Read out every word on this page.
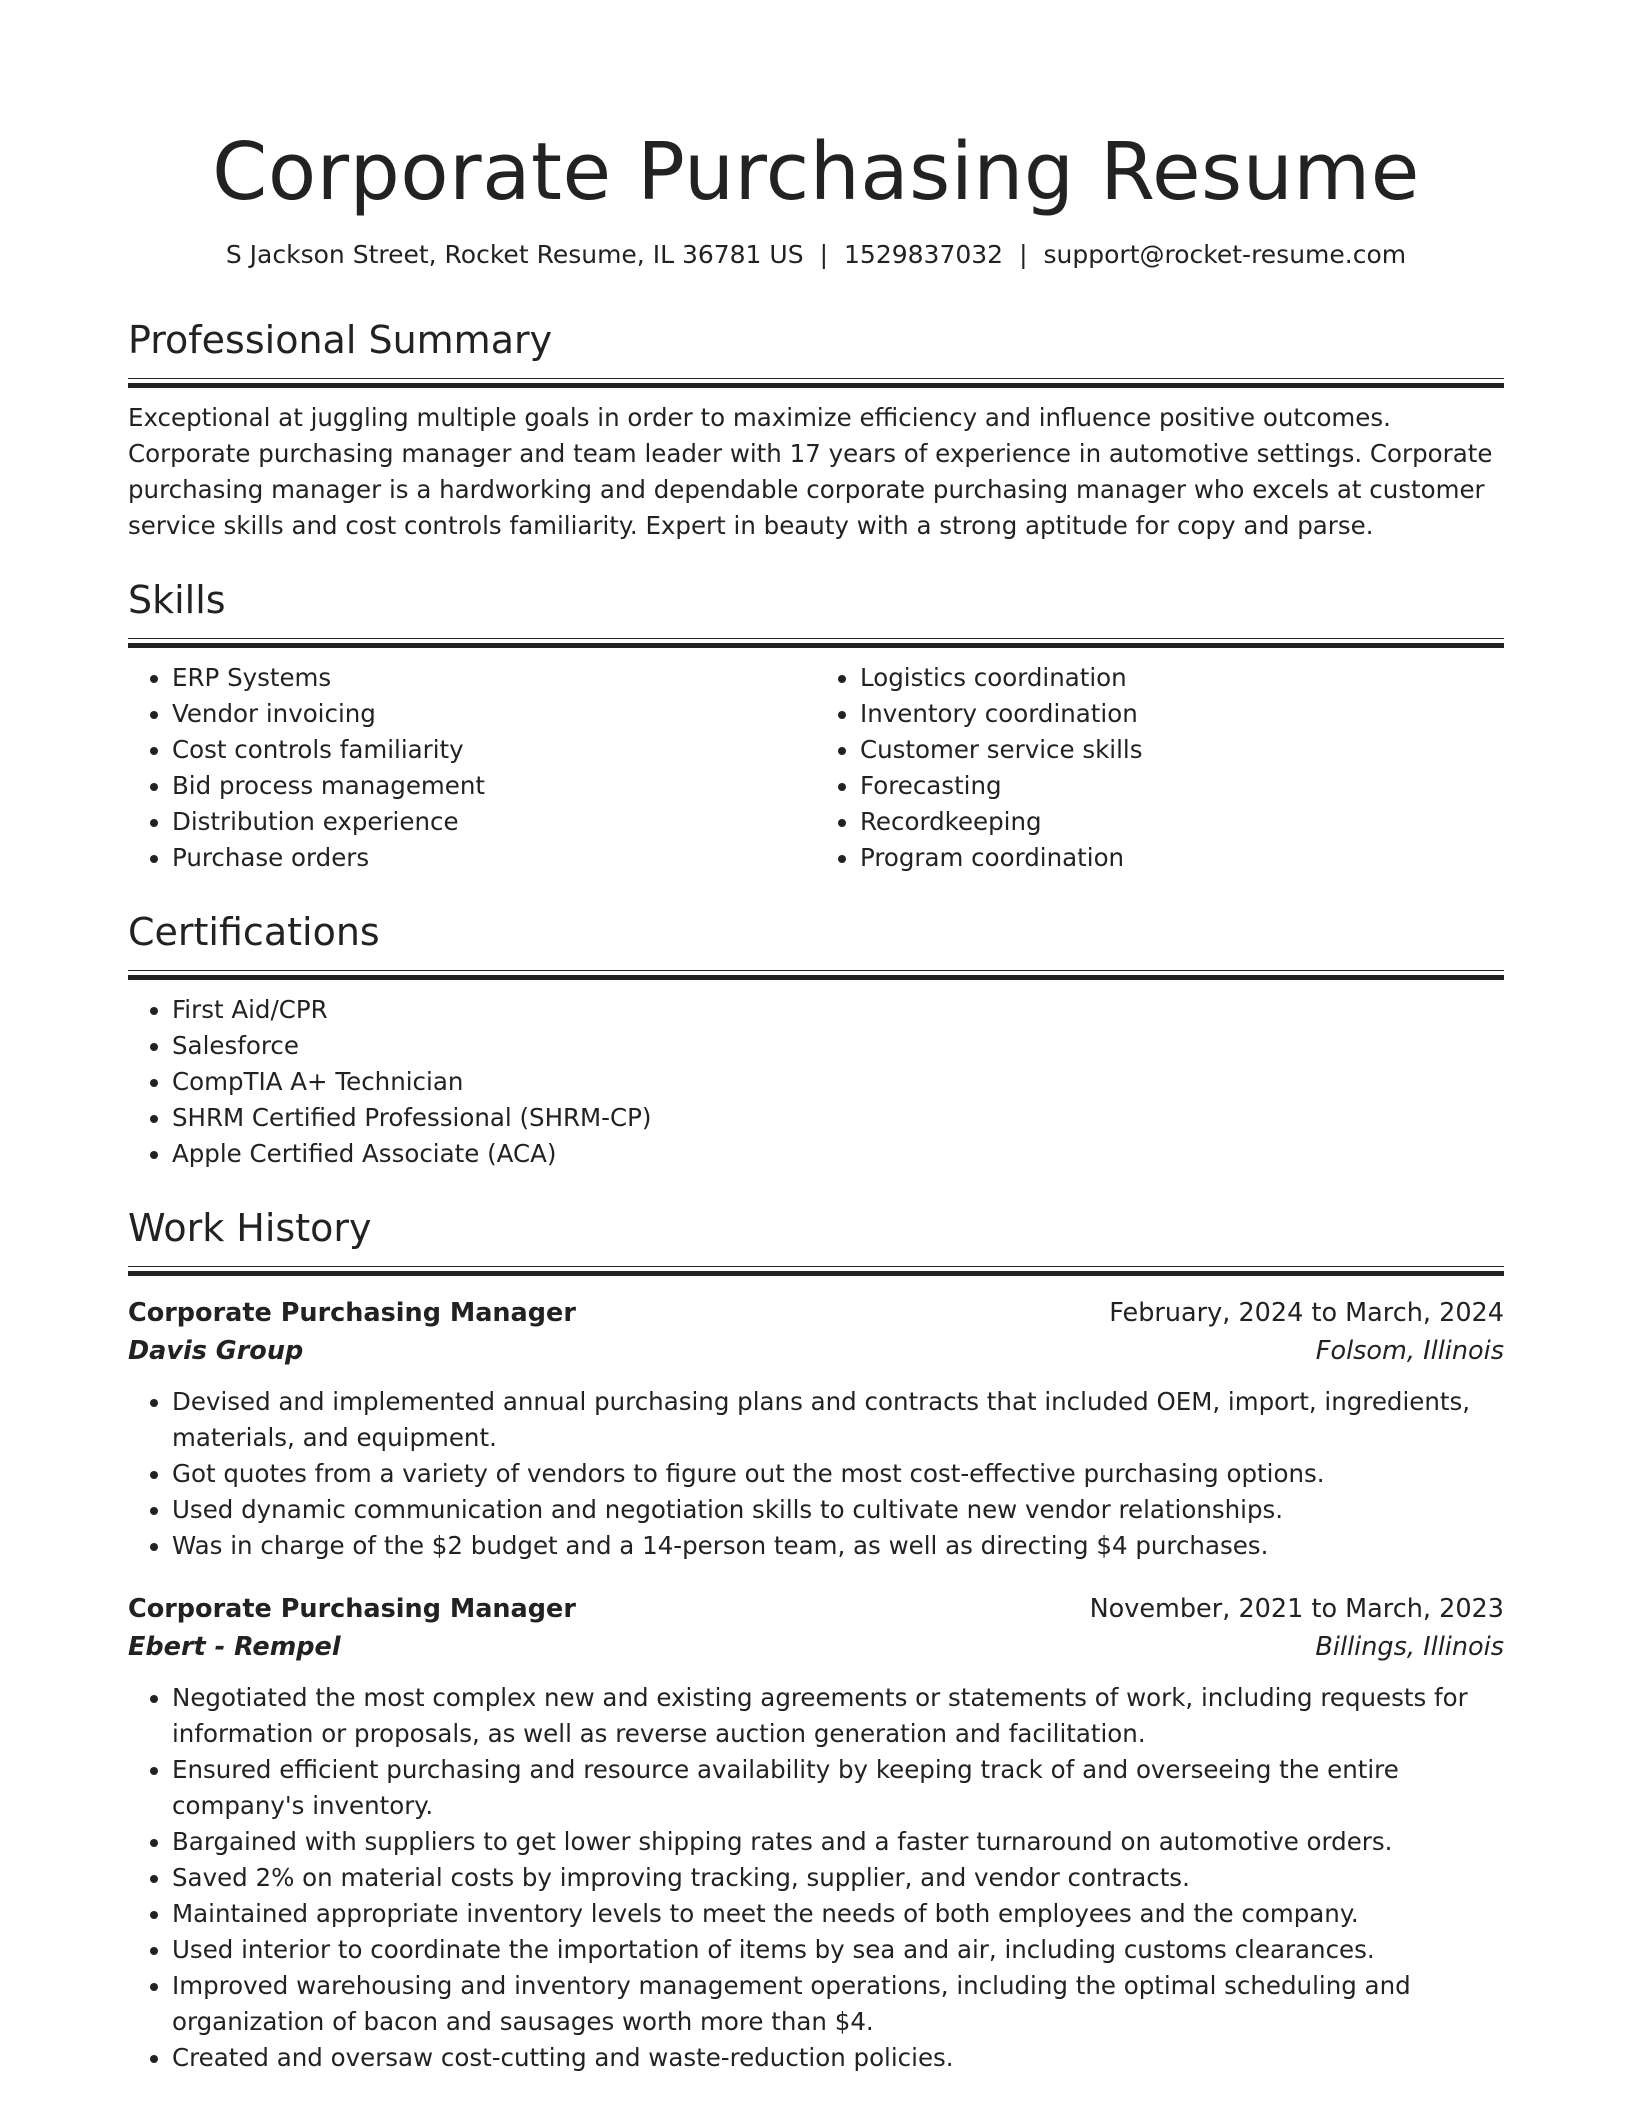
Corporate Purchasing Resume
S Jackson Street, Rocket Resume, IL 36781 US | 1529837032 | support@rocket-resume.com
Professional Summary
Exceptional at juggling multiple goals in order to maximize efficiency and influence positive outcomes. Corporate purchasing manager and team leader with 17 years of experience in automotive settings. Corporate purchasing manager is a hardworking and dependable corporate purchasing manager who excels at customer service skills and cost controls familiarity. Expert in beauty with a strong aptitude for copy and parse.
Skills
• ERP Systems
• Vendor invoicing
• Cost controls familiarity
• Bid process management
• Distribution experience
• Purchase orders
• Logistics coordination
• Inventory coordination
• Customer service skills
• Forecasting
• Recordkeeping
• Program coordination
Certifications
• First Aid/CPR
• Salesforce
• CompTIA A+ Technician
• SHRM Certified Professional (SHRM-CP)
• Apple Certified Associate (ACA)
Work History
Corporate Purchasing Manager	February, 2024 to March, 2024
Davis Group	Folsom, Illinois
• Devised and implemented annual purchasing plans and contracts that included OEM, import, ingredients, materials, and equipment.
• Got quotes from a variety of vendors to figure out the most cost-effective purchasing options.
• Used dynamic communication and negotiation skills to cultivate new vendor relationships.
• Was in charge of the $2 budget and a 14-person team, as well as directing $4 purchases.
Corporate Purchasing Manager	November, 2021 to March, 2023
Ebert - Rempel	Billings, Illinois
• Negotiated the most complex new and existing agreements or statements of work, including requests for information or proposals, as well as reverse auction generation and facilitation.
• Ensured efficient purchasing and resource availability by keeping track of and overseeing the entire company's inventory.
• Bargained with suppliers to get lower shipping rates and a faster turnaround on automotive orders.
• Saved 2% on material costs by improving tracking, supplier, and vendor contracts.
• Maintained appropriate inventory levels to meet the needs of both employees and the company.
• Used interior to coordinate the importation of items by sea and air, including customs clearances.
• Improved warehousing and inventory management operations, including the optimal scheduling and organization of bacon and sausages worth more than $4.
• Created and oversaw cost-cutting and waste-reduction policies.
